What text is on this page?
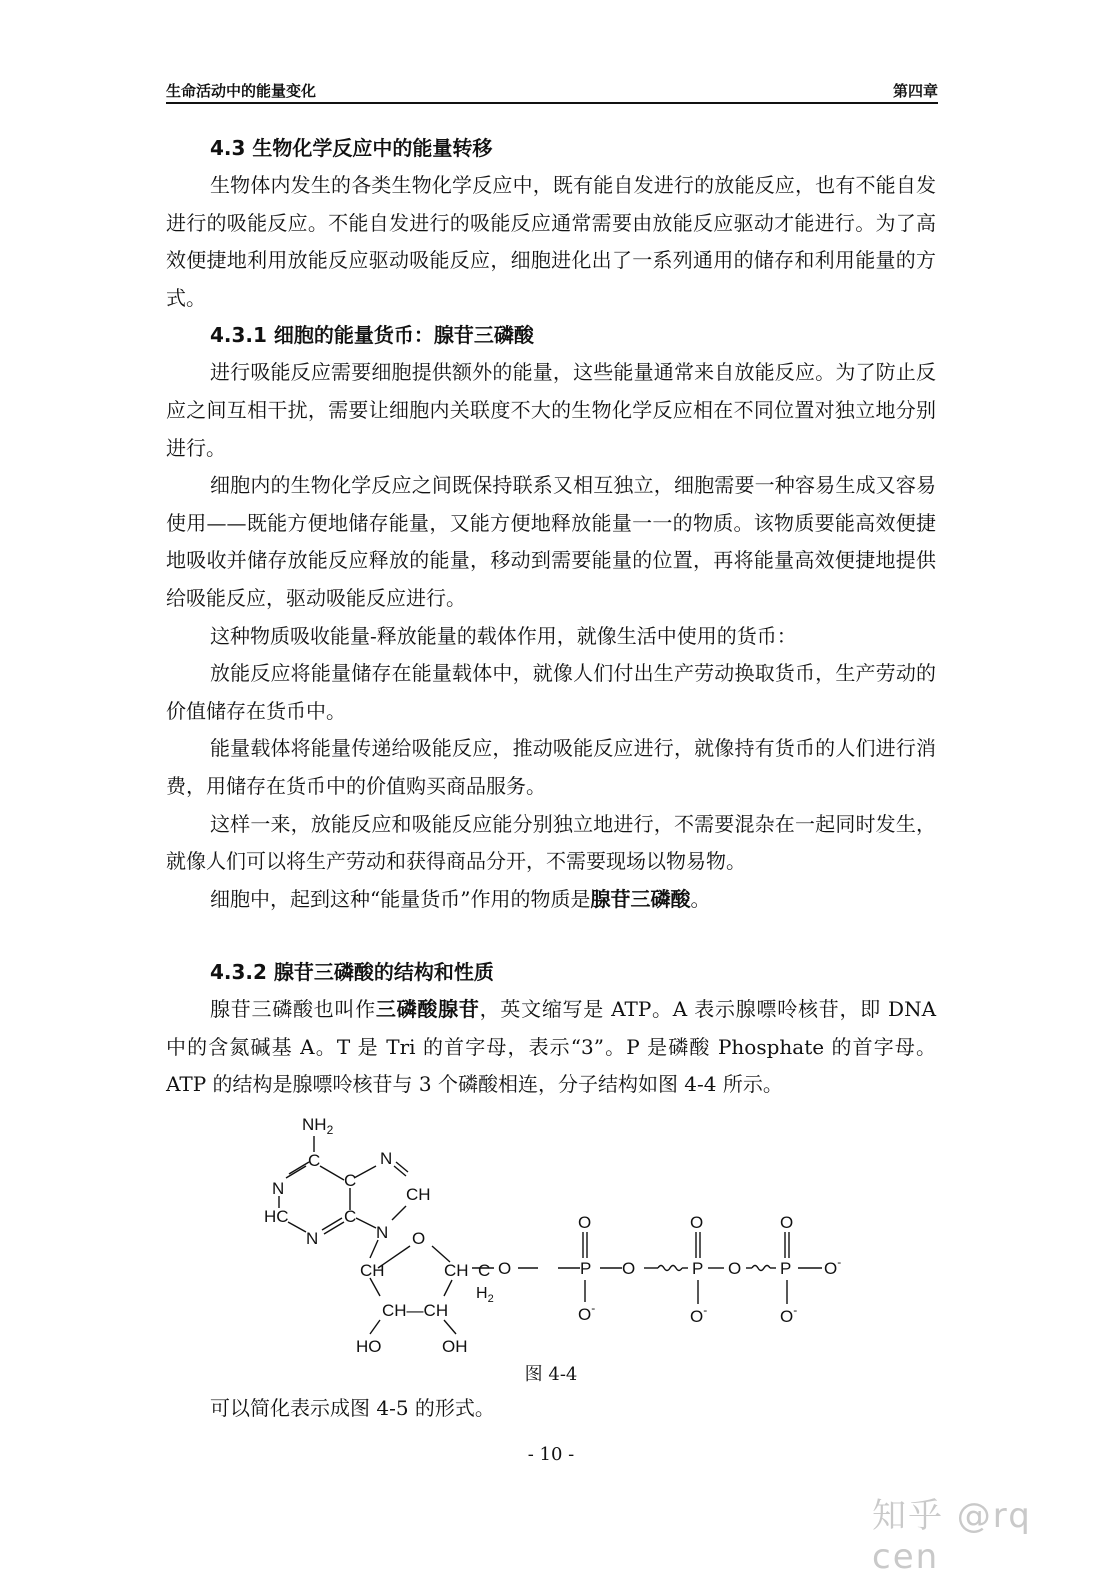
生命活动中的能量变化	第四章
4.3 生物化学反应中的能量转移

生物体内发生的各类生物化学反应中，既有能自发进行的放能反应，也有不能自发进行的吸能反应。不能自发进行的吸能反应通常需要由放能反应驱动才能进行。为了高效便捷地利用放能反应驱动吸能反应，细胞进化出了一系列通用的储存和利用能量的方式。

4.3.1 细胞的能量货币：腺苷三磷酸

进行吸能反应需要细胞提供额外的能量，这些能量通常来自放能反应。为了防止反应之间互相干扰，需要让细胞内关联度不大的生物化学反应相在不同位置对独立地分别进行。

细胞内的生物化学反应之间既保持联系又相互独立，细胞需要一种容易生成又容易使用——既能方便地储存能量，又能方便地释放能量一一的物质。该物质要能高效便捷地吸收并储存放能反应释放的能量，移动到需要能量的位置，再将能量高效便捷地提供给吸能反应，驱动吸能反应进行。

这种物质吸收能量-释放能量的载体作用，就像生活中使用的货币：

放能反应将能量储存在能量载体中，就像人们付出生产劳动换取货币，生产劳动的价值储存在货币中。

能量载体将能量传递给吸能反应，推动吸能反应进行，就像持有货币的人们进行消费，用储存在货币中的价值购买商品服务。

这样一来，放能反应和吸能反应能分别独立地进行，不需要混杂在一起同时发生，就像人们可以将生产劳动和获得商品分开，不需要现场以物易物。

细胞中，起到这种“能量货币”作用的物质是腺苷三磷酸。

4.3.2 腺苷三磷酸的结构和性质

腺苷三磷酸也叫作三磷酸腺苷，英文缩写是 ATP。A 表示腺嘌呤核苷，即 DNA 中的含氮碱基 A。T 是 Tri 的首字母，表示“3”。P 是磷酸 Phosphate 的首字母。ATP 的结构是腺嘌呤核苷与 3 个磷酸相连，分子结构如图 4-4 所示。

$NH_2$
C
N	C
N
CH
HC
N
C
N O
CH	CH
CH—CH
HO	OH
C
$H_2$
O
O
P
O-
O
O
P
O-
O
O
P
O-
O-
图 4-4

可以简化表示成图 4-5 的形式。

- 10 -
知乎 @rq cen
